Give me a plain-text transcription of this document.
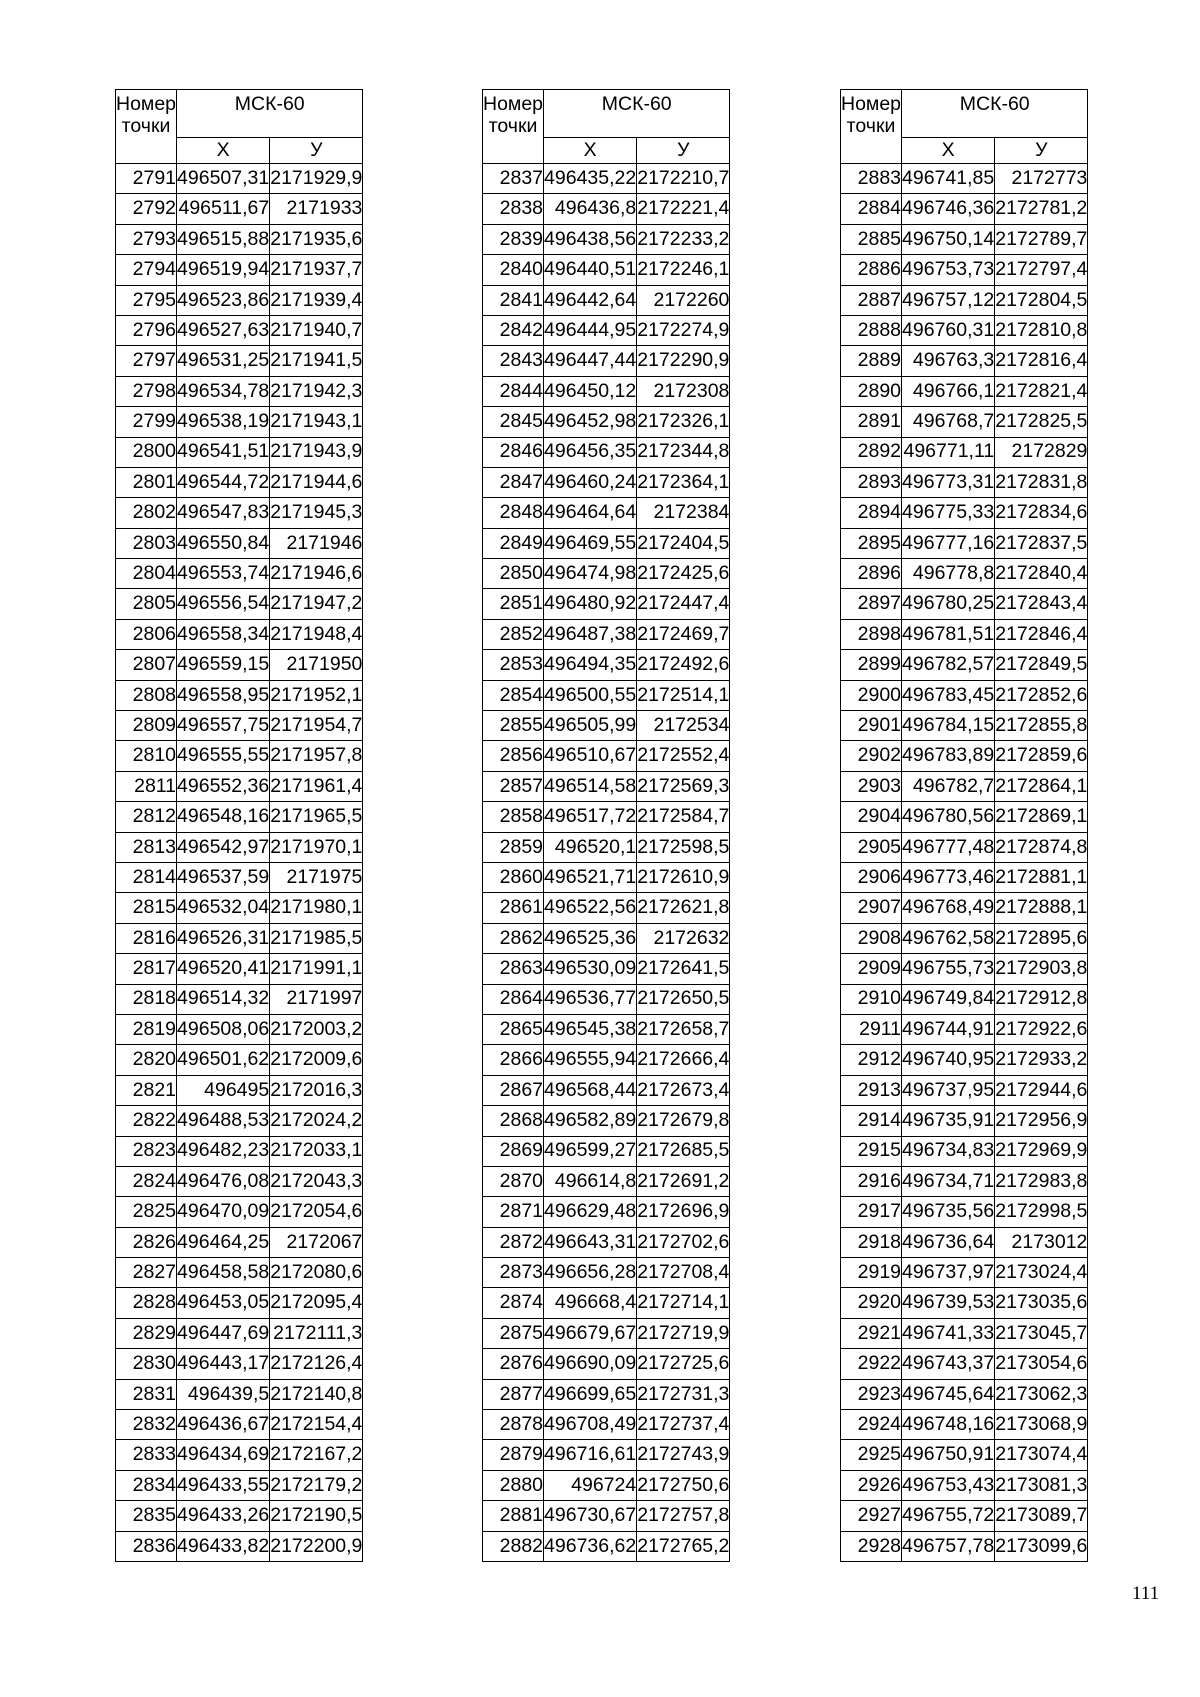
Номер
точки	МСК-60	
	Х	У
2791	496507,31	2171929,9
2792	496511,67	2171933
2793	496515,88	2171935,6
2794	496519,94	2171937,7
2795	496523,86	2171939,4
2796	496527,63	2171940,7
2797	496531,25	2171941,5
2798	496534,78	2171942,3
2799	496538,19	2171943,1
2800	496541,51	2171943,9
2801	496544,72	2171944,6
2802	496547,83	2171945,3
2803	496550,84	2171946
2804	496553,74	2171946,6
2805	496556,54	2171947,2
2806	496558,34	2171948,4
2807	496559,15	2171950
2808	496558,95	2171952,1
2809	496557,75	2171954,7
2810	496555,55	2171957,8
2811	496552,36	2171961,4
2812	496548,16	2171965,5
2813	496542,97	2171970,1
2814	496537,59	2171975
2815	496532,04	2171980,1
2816	496526,31	2171985,5
2817	496520,41	2171991,1
2818	496514,32	2171997
2819	496508,06	2172003,2
2820	496501,62	2172009,6
2821	496495	2172016,3
2822	496488,53	2172024,2
2823	496482,23	2172033,1
2824	496476,08	2172043,3
2825	496470,09	2172054,6
2826	496464,25	2172067
2827	496458,58	2172080,6
2828	496453,05	2172095,4
2829	496447,69	2172111,3
2830	496443,17	2172126,4
2831	496439,5	2172140,8
2832	496436,67	2172154,4
2833	496434,69	2172167,2
2834	496433,55	2172179,2
2835	496433,26	2172190,5
2836	496433,82	2172200,9
Номер
точки	МСК-60	
	Х	У
2837	496435,22	2172210,7
2838	496436,8	2172221,4
2839	496438,56	2172233,2
2840	496440,51	2172246,1
2841	496442,64	2172260
2842	496444,95	2172274,9
2843	496447,44	2172290,9
2844	496450,12	2172308
2845	496452,98	2172326,1
2846	496456,35	2172344,8
2847	496460,24	2172364,1
2848	496464,64	2172384
2849	496469,55	2172404,5
2850	496474,98	2172425,6
2851	496480,92	2172447,4
2852	496487,38	2172469,7
2853	496494,35	2172492,6
2854	496500,55	2172514,1
2855	496505,99	2172534
2856	496510,67	2172552,4
2857	496514,58	2172569,3
2858	496517,72	2172584,7
2859	496520,1	2172598,5
2860	496521,71	2172610,9
2861	496522,56	2172621,8
2862	496525,36	2172632
2863	496530,09	2172641,5
2864	496536,77	2172650,5
2865	496545,38	2172658,7
2866	496555,94	2172666,4
2867	496568,44	2172673,4
2868	496582,89	2172679,8
2869	496599,27	2172685,5
2870	496614,8	2172691,2
2871	496629,48	2172696,9
2872	496643,31	2172702,6
2873	496656,28	2172708,4
2874	496668,4	2172714,1
2875	496679,67	2172719,9
2876	496690,09	2172725,6
2877	496699,65	2172731,3
2878	496708,49	2172737,4
2879	496716,61	2172743,9
2880	496724	2172750,6
2881	496730,67	2172757,8
2882	496736,62	2172765,2
Номер
точки	МСК-60	
	Х	У
2883	496741,85	2172773
2884	496746,36	2172781,2
2885	496750,14	2172789,7
2886	496753,73	2172797,4
2887	496757,12	2172804,5
2888	496760,31	2172810,8
2889	496763,3	2172816,4
2890	496766,1	2172821,4
2891	496768,7	2172825,5
2892	496771,11	2172829
2893	496773,31	2172831,8
2894	496775,33	2172834,6
2895	496777,16	2172837,5
2896	496778,8	2172840,4
2897	496780,25	2172843,4
2898	496781,51	2172846,4
2899	496782,57	2172849,5
2900	496783,45	2172852,6
2901	496784,15	2172855,8
2902	496783,89	2172859,6
2903	496782,7	2172864,1
2904	496780,56	2172869,1
2905	496777,48	2172874,8
2906	496773,46	2172881,1
2907	496768,49	2172888,1
2908	496762,58	2172895,6
2909	496755,73	2172903,8
2910	496749,84	2172912,8
2911	496744,91	2172922,6
2912	496740,95	2172933,2
2913	496737,95	2172944,6
2914	496735,91	2172956,9
2915	496734,83	2172969,9
2916	496734,71	2172983,8
2917	496735,56	2172998,5
2918	496736,64	2173012
2919	496737,97	2173024,4
2920	496739,53	2173035,6
2921	496741,33	2173045,7
2922	496743,37	2173054,6
2923	496745,64	2173062,3
2924	496748,16	2173068,9
2925	496750,91	2173074,4
2926	496753,43	2173081,3
2927	496755,72	2173089,7
2928	496757,78	2173099,6
111
